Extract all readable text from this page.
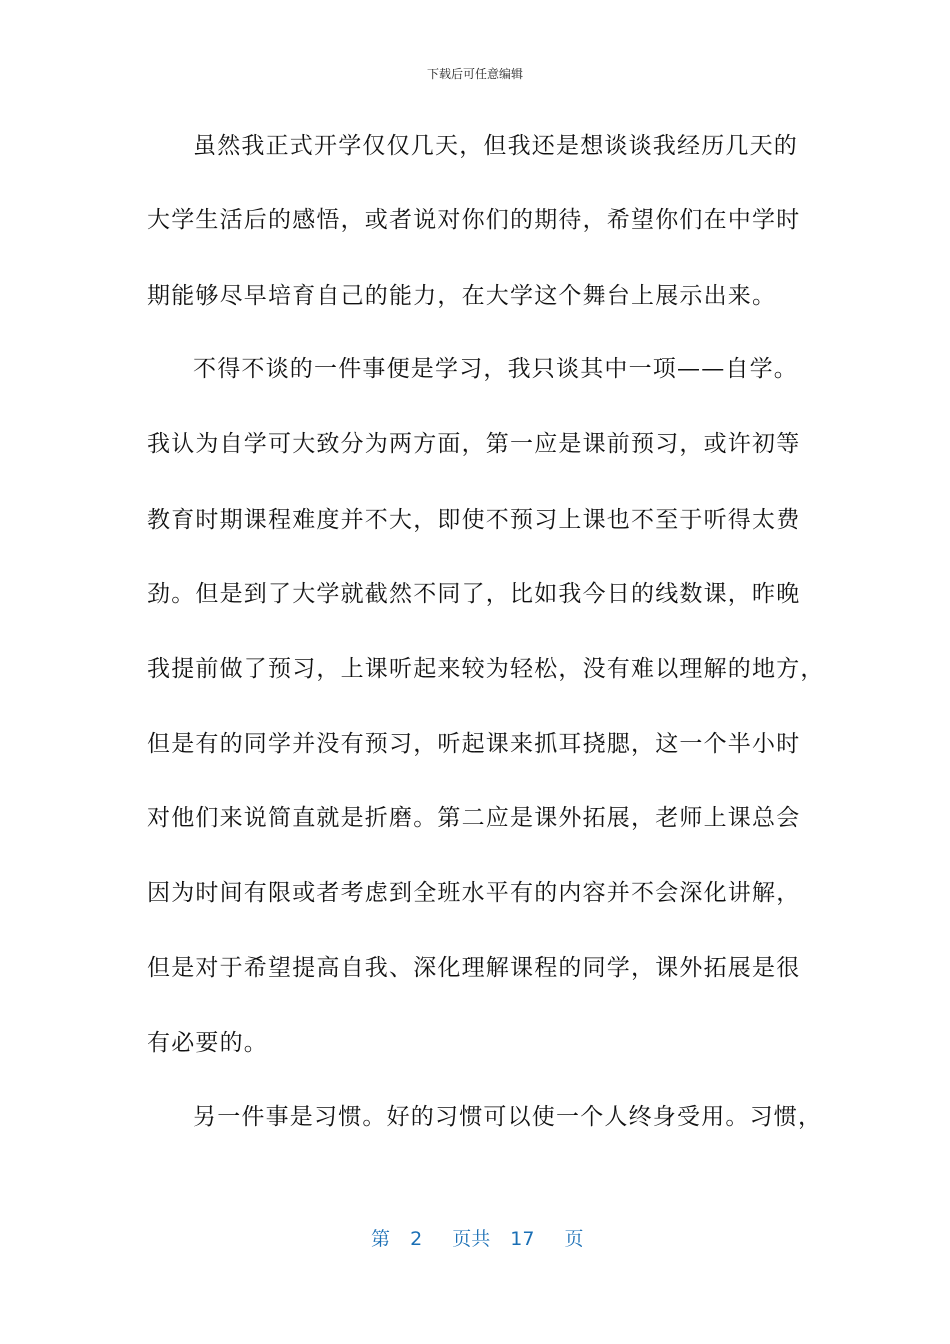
下载后可任意编辑
虽然我正式开学仅仅几天，但我还是想谈谈我经历几天的
大学生活后的感悟，或者说对你们的期待，希望你们在中学时
期能够尽早培育自己的能力，在大学这个舞台上展示出来。
不得不谈的一件事便是学习，我只谈其中一项——自学。
我认为自学可大致分为两方面，第一应是课前预习，或许初等
教育时期课程难度并不大，即使不预习上课也不至于听得太费
劲。但是到了大学就截然不同了，比如我今日的线数课，昨晚
我提前做了预习，上课听起来较为轻松，没有难以理解的地方，
但是有的同学并没有预习，听起课来抓耳挠腮，这一个半小时
对他们来说简直就是折磨。第二应是课外拓展，老师上课总会
因为时间有限或者考虑到全班水平有的内容并不会深化讲解，
但是对于希望提高自我、深化理解课程的同学，课外拓展是很
有必要的。
另一件事是习惯。好的习惯可以使一个人终身受用。习惯，
第 2 页共 17 页
